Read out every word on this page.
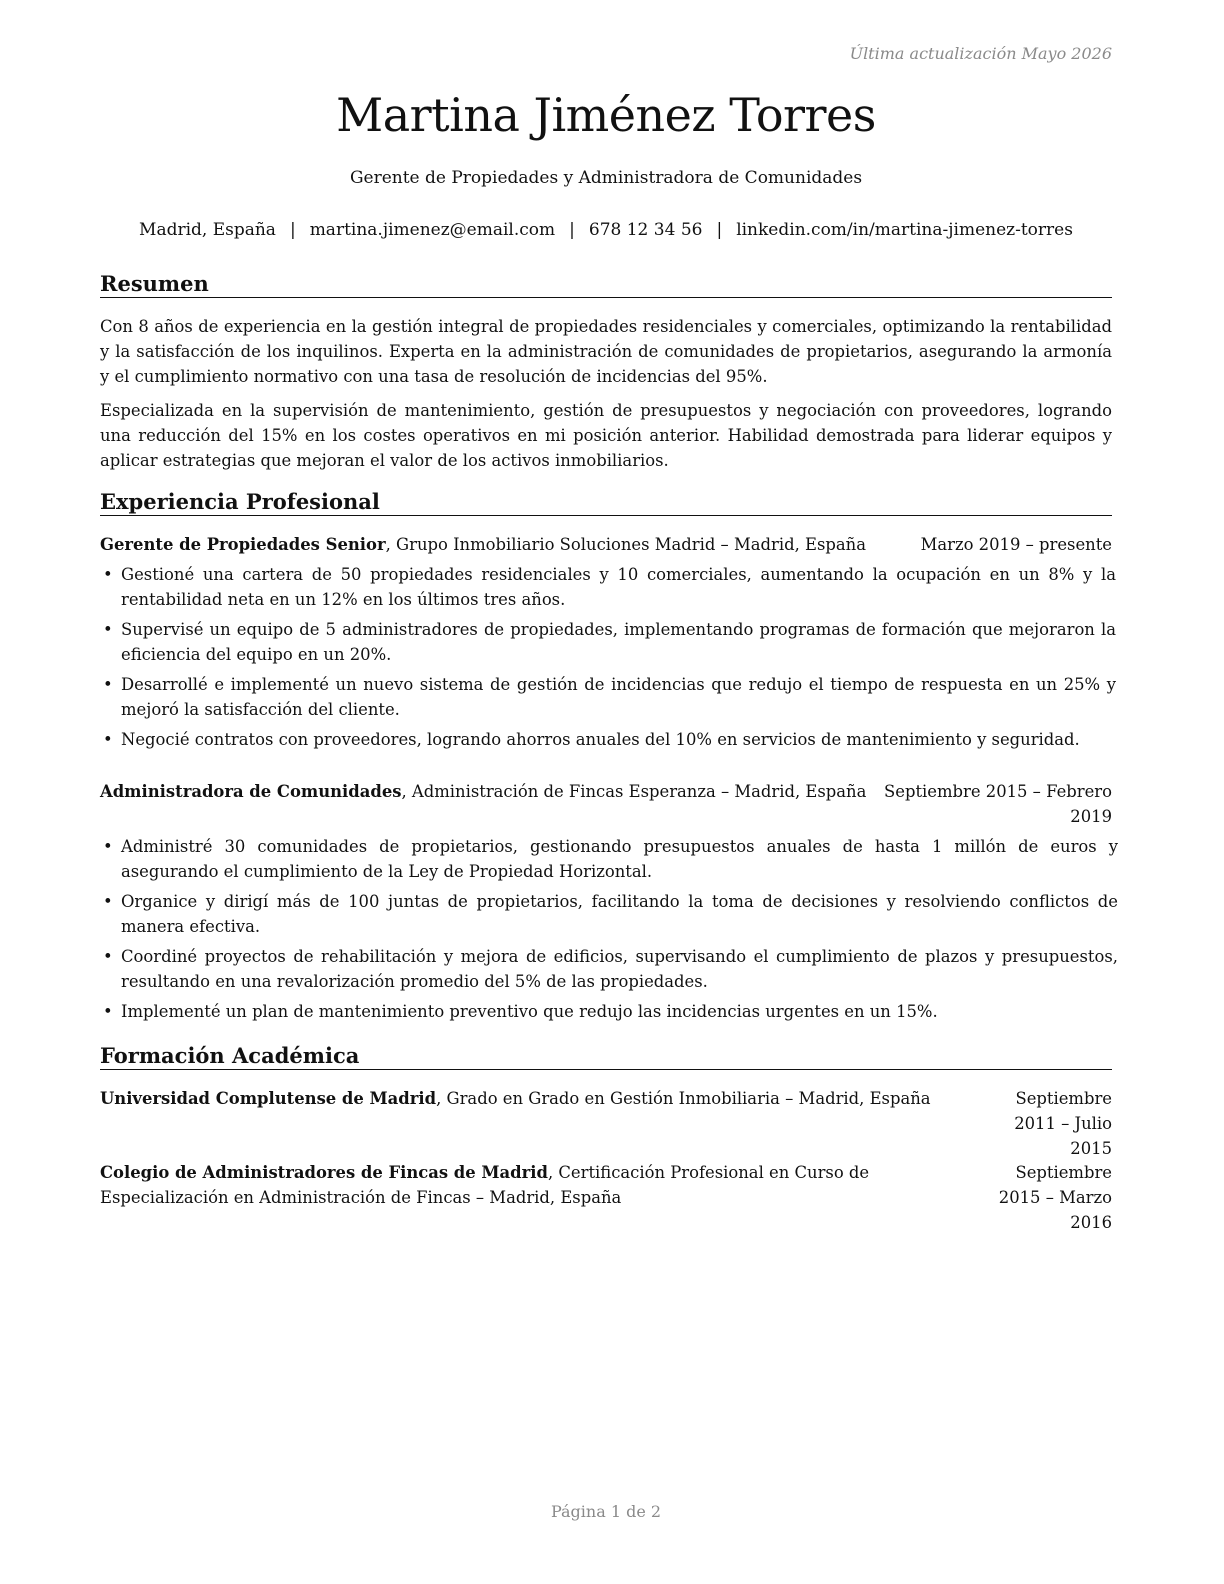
Última actualización Mayo 2026
Martina Jiménez Torres
Gerente de Propiedades y Administradora de Comunidades
Madrid, España | martina.jimenez@email.com | 678 12 34 56 | linkedin.com/in/martina-jimenez-torres
Resumen
Con 8 años de experiencia en la gestión integral de propiedades residenciales y comerciales, optimizando la rentabilidad y la satisfacción de los inquilinos. Experta en la administración de comunidades de propietarios, asegurando la armonía y el cumplimiento normativo con una tasa de resolución de incidencias del 95%.
Especializada en la supervisión de mantenimiento, gestión de presupuestos y negociación con proveedores, logrando una reducción del 15% en los costes operativos en mi posición anterior. Habilidad demostrada para liderar equipos y aplicar estrategias que mejoran el valor de los activos inmobiliarios.
Experiencia Profesional
Gerente de Propiedades Senior, Grupo Inmobiliario Soluciones Madrid – Madrid, España	Marzo 2019 – presente
• Gestioné una cartera de 50 propiedades residenciales y 10 comerciales, aumentando la ocupación en un 8% y la rentabilidad neta en un 12% en los últimos tres años.
• Supervisé un equipo de 5 administradores de propiedades, implementando programas de formación que mejoraron la eficiencia del equipo en un 20%.
• Desarrollé e implementé un nuevo sistema de gestión de incidencias que redujo el tiempo de respuesta en un 25% y mejoró la satisfacción del cliente.
• Negocié contratos con proveedores, logrando ahorros anuales del 10% en servicios de mantenimiento y seguridad.
Administradora de Comunidades, Administración de Fincas Esperanza – Madrid, España	Septiembre 2015 – Febrero 2019
• Administré 30 comunidades de propietarios, gestionando presupuestos anuales de hasta 1 millón de euros y asegurando el cumplimiento de la Ley de Propiedad Horizontal.
• Organice y dirigí más de 100 juntas de propietarios, facilitando la toma de decisiones y resolviendo conflictos de manera efectiva.
• Coordiné proyectos de rehabilitación y mejora de edificios, supervisando el cumplimiento de plazos y presupuestos, resultando en una revalorización promedio del 5% de las propiedades.
• Implementé un plan de mantenimiento preventivo que redujo las incidencias urgentes en un 15%.
Formación Académica
Universidad Complutense de Madrid, Grado en Grado en Gestión Inmobiliaria – Madrid, España	Septiembre 2011 – Julio 2015
Colegio de Administradores de Fincas de Madrid, Certificación Profesional en Curso de Especialización en Administración de Fincas – Madrid, España
Septiembre 2015 – Marzo 2016
Página 1 de 2
